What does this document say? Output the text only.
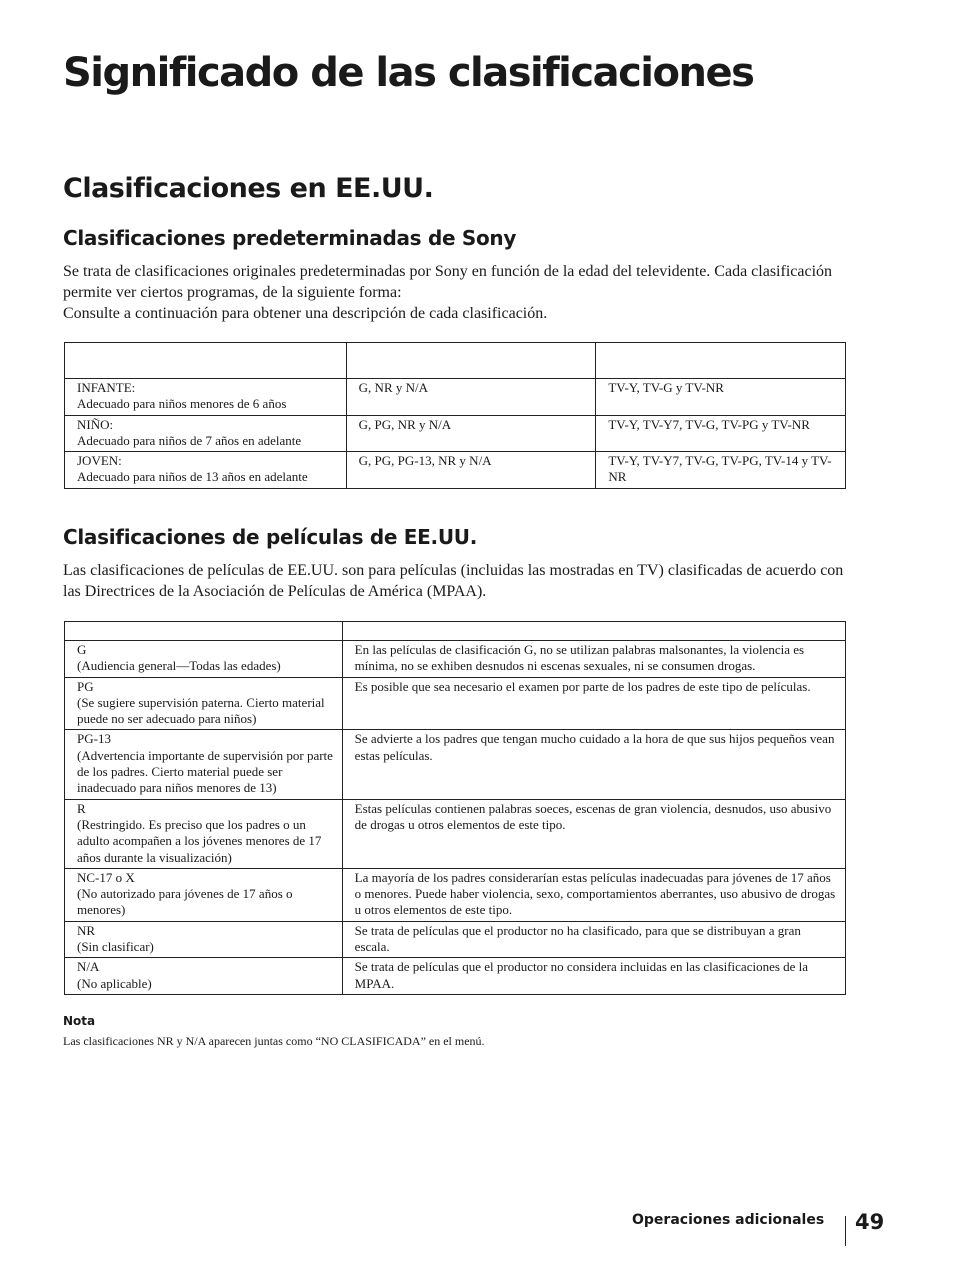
Significado de las clasificaciones
Clasificaciones en EE.UU.
Clasificaciones predeterminadas de Sony
Se trata de clasificaciones originales predeterminadas por Sony en función de la edad del televidente. Cada clasificación permite ver ciertos programas, de la siguiente forma:
Consulte a continuación para obtener una descripción de cada clasificación.

INFANTE:
Adecuado para niños menores de 6 años	G, NR y N/A	TV-Y, TV-G y TV-NR

NIÑO:
Adecuado para niños de 7 años en adelante	G, PG, NR y N/A	TV-Y, TV-Y7, TV-G, TV-PG y TV-NR

JOVEN:
Adecuado para niños de 13 años en adelante	G, PG, PG-13, NR y N/A	TV-Y, TV-Y7, TV-G, TV-PG, TV-14 y TV-NR
Clasificaciones de películas de EE.UU.

Las clasificaciones de películas de EE.UU. son para películas (incluidas las mostradas en TV) clasificadas de acuerdo con las Directrices de la Asociación de Películas de América (MPAA).

G
(Audiencia general—Todas las edades)	En las películas de clasificación G, no se utilizan palabras malsonantes, la violencia es mínima, no se exhiben desnudos ni escenas sexuales, ni se consumen drogas.

PG
(Se sugiere supervisión paterna. Cierto material puede no ser adecuado para niños)	Es posible que sea necesario el examen por parte de los padres de este tipo de películas.

PG-13
(Advertencia importante de supervisión por parte de los padres. Cierto material puede ser inadecuado para niños menores de 13)	Se advierte a los padres que tengan mucho cuidado a la hora de que sus hijos pequeños vean estas películas.

R
(Restringido. Es preciso que los padres o un adulto acompañen a los jóvenes menores de 17 años durante la visualización)	Estas películas contienen palabras soeces, escenas de gran violencia, desnudos, uso abusivo de drogas u otros elementos de este tipo.

NC-17 o X
(No autorizado para jóvenes de 17 años o menores)	La mayoría de los padres considerarían estas películas inadecuadas para jóvenes de 17 años o menores. Puede haber violencia, sexo, comportamientos aberrantes, uso abusivo de drogas u otros elementos de este tipo.

NR
(Sin clasificar)	Se trata de películas que el productor no ha clasificado, para que se distribuyan a gran escala.

N/A
(No aplicable)	Se trata de películas que el productor no considera incluidas en las clasificaciones de la MPAA.
Nota
Las clasificaciones NR y N/A aparecen juntas como “NO CLASIFICADA” en el menú.
Operaciones adicionales 49
